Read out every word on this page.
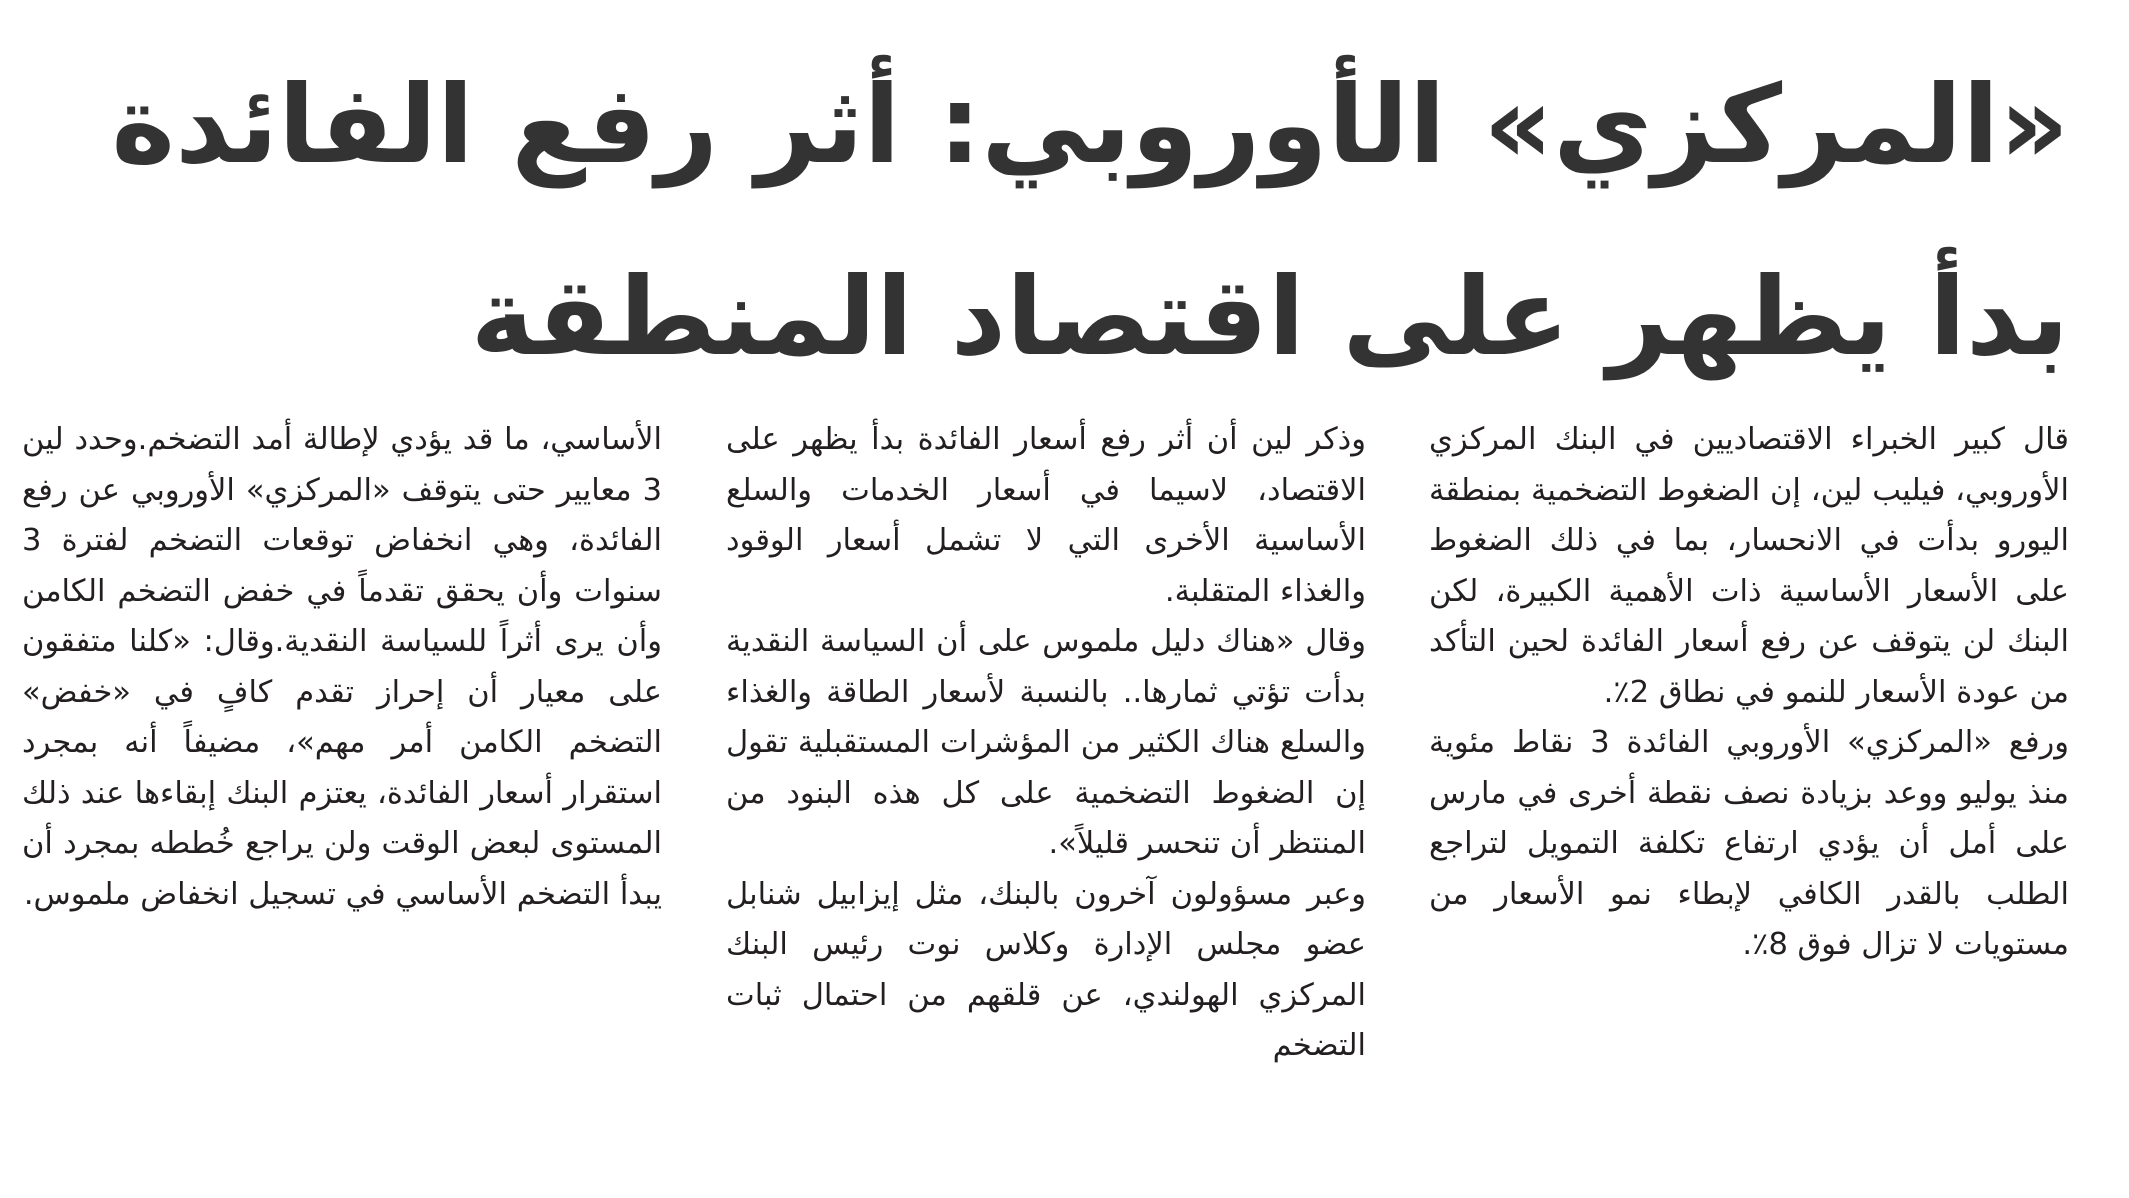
«المركزي» الأوروبي: أثر رفع الفائدة
بدأ يظهر على اقتصاد المنطقة

قال كبير الخبراء الاقتصاديين في البنك المركزي الأوروبي، فيليب لين، إن الضغوط التضخمية بمنطقة اليورو بدأت في الانحسار، بما في ذلك الضغوط على الأسعار الأساسية ذات الأهمية الكبيرة، لكن البنك لن يتوقف عن رفع أسعار الفائدة لحين التأكد من عودة الأسعار للنمو في نطاق 2٪.

ورفع «المركزي» الأوروبي الفائدة 3 نقاط مئوية منذ يوليو ووعد بزيادة نصف نقطة أخرى في مارس على أمل أن يؤدي ارتفاع تكلفة التمويل لتراجع الطلب بالقدر الكافي لإبطاء نمو الأسعار من مستويات لا تزال فوق 8٪.

وذكر لين أن أثر رفع أسعار الفائدة بدأ يظهر على الاقتصاد، لاسيما في أسعار الخدمات والسلع الأساسية الأخرى التي لا تشمل أسعار الوقود والغذاء المتقلبة.

وقال «هناك دليل ملموس على أن السياسة النقدية بدأت تؤتي ثمارها.. بالنسبة لأسعار الطاقة والغذاء والسلع هناك الكثير من المؤشرات المستقبلية تقول إن الضغوط التضخمية على كل هذه البنود من المنتظر أن تنحسر قليلاً».

وعبر مسؤولون آخرون بالبنك، مثل إيزابيل شنابل عضو مجلس الإدارة وكلاس نوت رئيس البنك المركزي الهولندي، عن قلقهم من احتمال ثبات التضخم

الأساسي، ما قد يؤدي لإطالة أمد التضخم.وحدد لين 3 معايير حتى يتوقف «المركزي» الأوروبي عن رفع الفائدة، وهي انخفاض توقعات التضخم لفترة 3 سنوات وأن يحقق تقدماً في خفض التضخم الكامن وأن يرى أثراً للسياسة النقدية.وقال: «كلنا متفقون على معيار أن إحراز تقدم كافٍ في «خفض» التضخم الكامن أمر مهم»، مضيفاً أنه بمجرد استقرار أسعار الفائدة، يعتزم البنك إبقاءها عند ذلك المستوى لبعض الوقت ولن يراجع خُططه بمجرد أن يبدأ التضخم الأساسي في تسجيل انخفاض ملموس.
